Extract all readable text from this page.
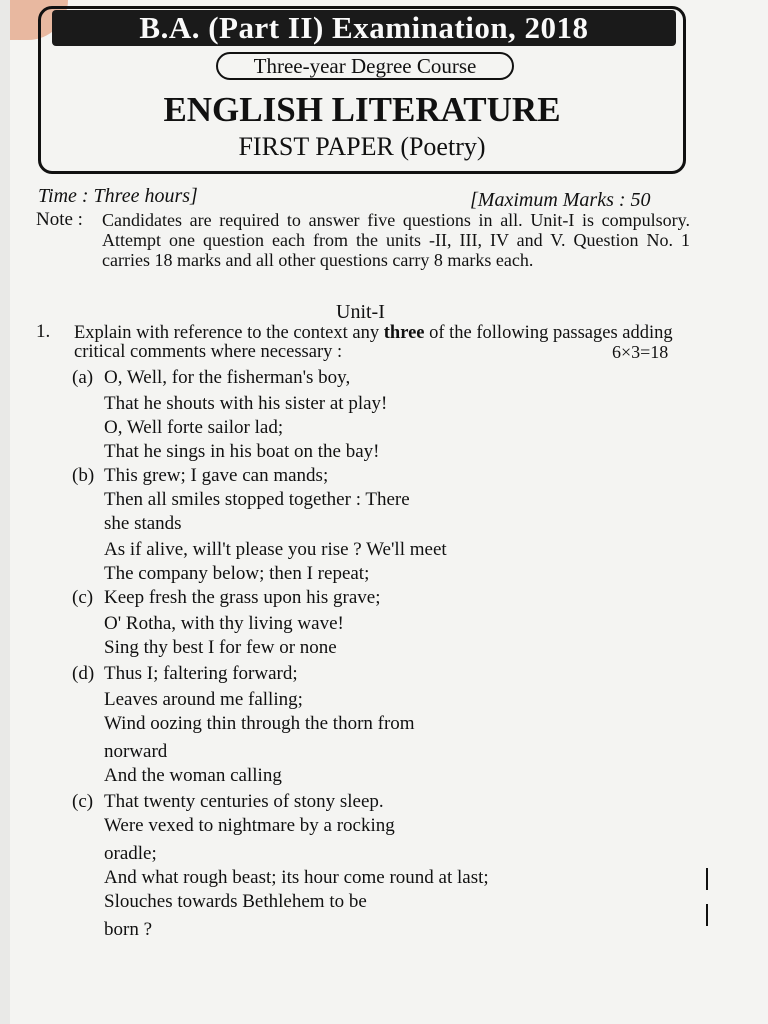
B.A. (Part II) Examination, 2018
Three-year Degree Course
ENGLISH LITERATURE
FIRST PAPER (Poetry)
Time : Three hours]	[Maximum Marks : 50
Note : Candidates are required to answer five questions in all. Unit-I is compulsory. Attempt one question each from the units -II, III, IV and V. Question No. 1 carries 18 marks and all other questions carry 8 marks each.
Unit-I
1. Explain with reference to the context any three of the following passages adding critical comments where necessary :	6×3=18
(a) O, Well, for the fisherman's boy,
That he shouts with his sister at play!
O, Well forte sailor lad;
That he sings in his boat on the bay!
(b) This grew; I gave can mands;
Then all smiles stopped together : There
she stands
As if alive, will't please you rise ? We'll meet
The company below; then I repeat;
(c) Keep fresh the grass upon his grave;
O' Rotha, with thy living wave!
Sing thy best I for few or none
(d) Thus I; faltering forward;
Leaves around me falling;
Wind oozing thin through the thorn from
norward
And the woman calling
(c) That twenty centuries of stony sleep.
Were vexed to nightmare by a rocking
oradle;
And what rough beast; its hour come round at last;
Slouches towards Bethlehem to be
born ?
